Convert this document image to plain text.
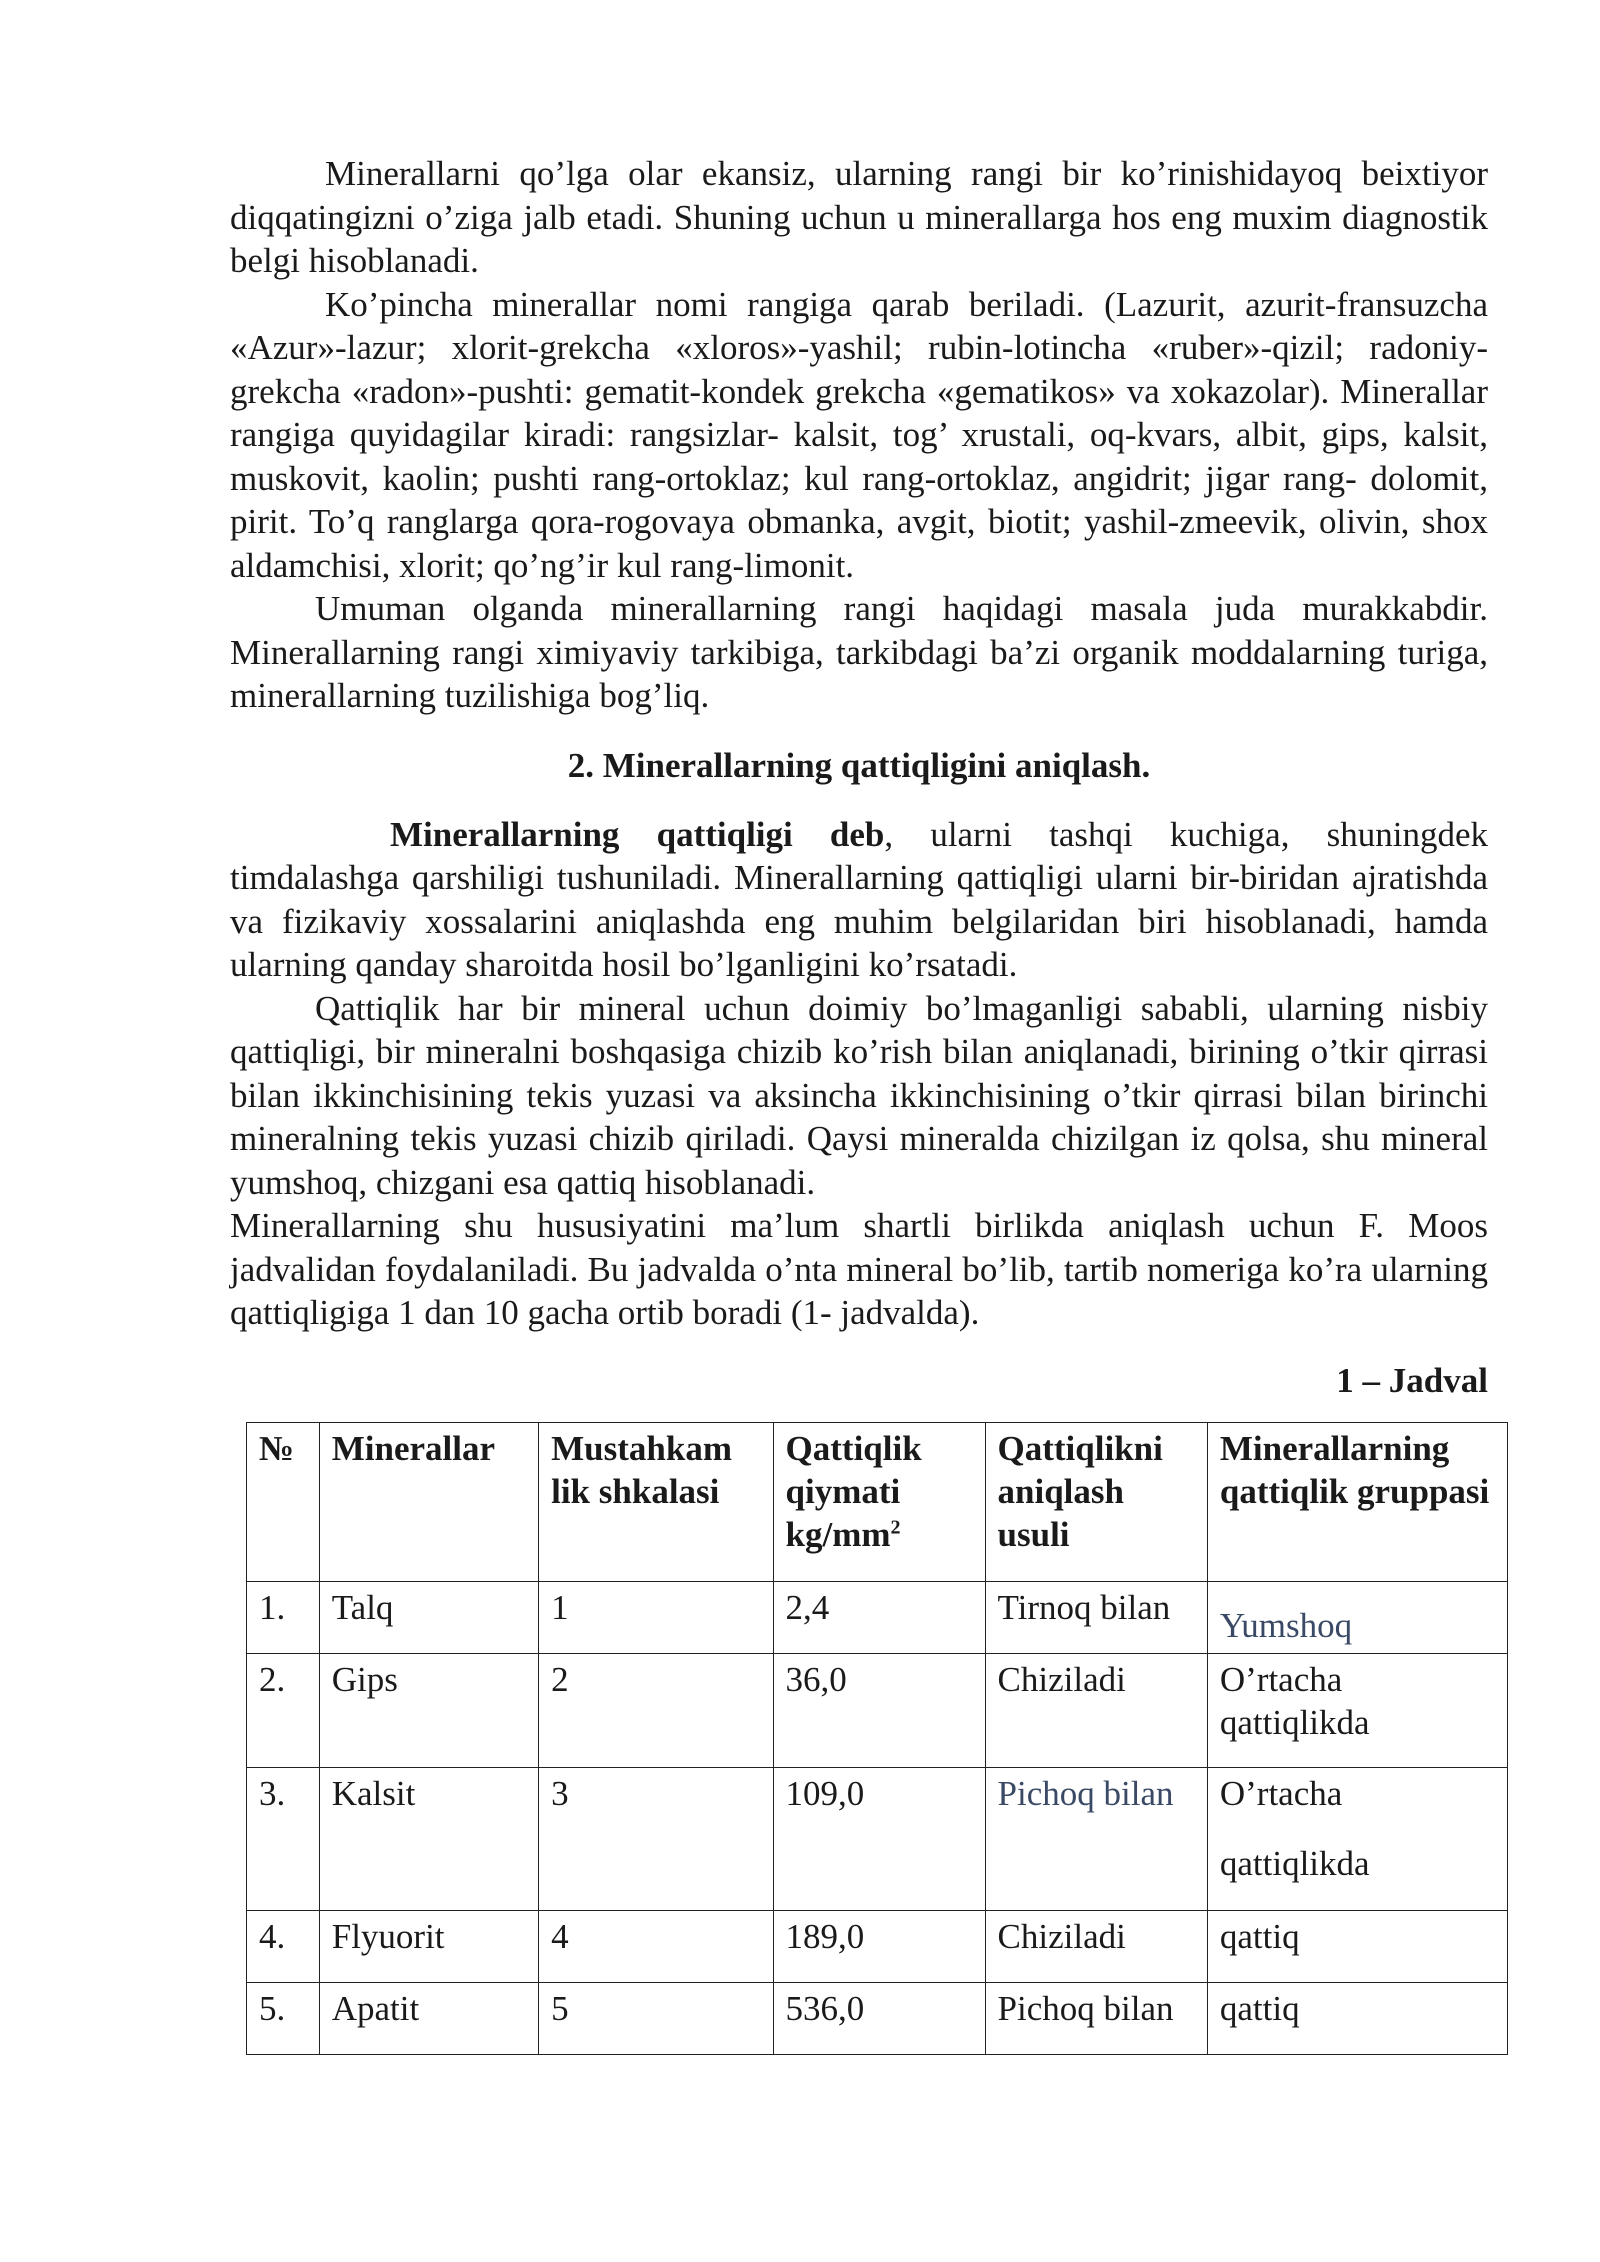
Minerallarni qo’lga olar ekansiz, ularning rangi bir ko’rinishidayoq beixtiyor diqqatingizni o’ziga jalb etadi. Shuning uchun u minerallarga hos eng muxim diagnostik belgi hisoblanadi.

Ko’pincha minerallar nomi rangiga qarab beriladi. (Lazurit, azurit-fransuzcha «Azur»-lazur; xlorit-grekcha «xloros»-yashil; rubin-lotincha «ruber»-qizil; radoniy-grekcha «radon»-pushti: gematit-kondek grekcha «gematikos» va xokazolar). Minerallar rangiga quyidagilar kiradi: rangsizlar- kalsit, tog’ xrustali, oq-kvars, albit, gips, kalsit, muskovit, kaolin; pushti rang-ortoklaz; kul rang-ortoklaz, angidrit; jigar rang- dolomit, pirit. To’q ranglarga qora-rogovaya obmanka, avgit, biotit; yashil-zmeevik, olivin, shox aldamchisi, xlorit; qo’ng’ir kul rang-limonit.

Umuman olganda minerallarning rangi haqidagi masala juda murakkabdir. Minerallarning rangi ximiyaviy tarkibiga, tarkibdagi ba’zi organik moddalarning turiga, minerallarning tuzilishiga bog’liq.

2. Minerallarning qattiqligini aniqlash.

Minerallarning qattiqligi deb, ularni tashqi kuchiga, shuningdek timdalashga qarshiligi tushuniladi. Minerallarning qattiqligi ularni bir-biridan ajratishda va fizikaviy xossalarini aniqlashda eng muhim belgilaridan biri hisoblanadi, hamda ularning qanday sharoitda hosil bo’lganligini ko’rsatadi.

Qattiqlik har bir mineral uchun doimiy bo’lmaganligi sababli, ularning nisbiy qattiqligi, bir mineralni boshqasiga chizib ko’rish bilan aniqlanadi, birining o’tkir qirrasi bilan ikkinchisining tekis yuzasi va aksincha ikkinchisining o’tkir qirrasi bilan birinchi mineralning tekis yuzasi chizib qiriladi. Qaysi mineralda chizilgan iz qolsa, shu mineral yumshoq, chizgani esa qattiq hisoblanadi.

Minerallarning shu hususiyatini ma’lum shartli birlikda aniqlash uchun F. Moos jadvalidan foydalaniladi. Bu jadvalda o’nta mineral bo’lib, tartib nomeriga ko’ra ularning qattiqligiga 1 dan 10 gacha ortib boradi (1- jadvalda).

1 – Jadval
№	Minerallar	Mustahkam lik shkalasi	Qattiqlik qiymati $kg/mm^2$	Qattiqlikni aniqlash usuli	Minerallarning qattiqlik gruppasi
1.	Talq	1	2,4	Tirnoq bilan	Yumshoq
2.	Gips	2	36,0	Chiziladi	O’rtacha qattiqlikda
3.	Kalsit	3	109,0	Pichoq bilan	O’rtacha
qattiqlikda

4.	Flyuorit	4	189,0	Chiziladi	qattiq
5.	Apatit	5	536,0	Pichoq bilan	qattiq
